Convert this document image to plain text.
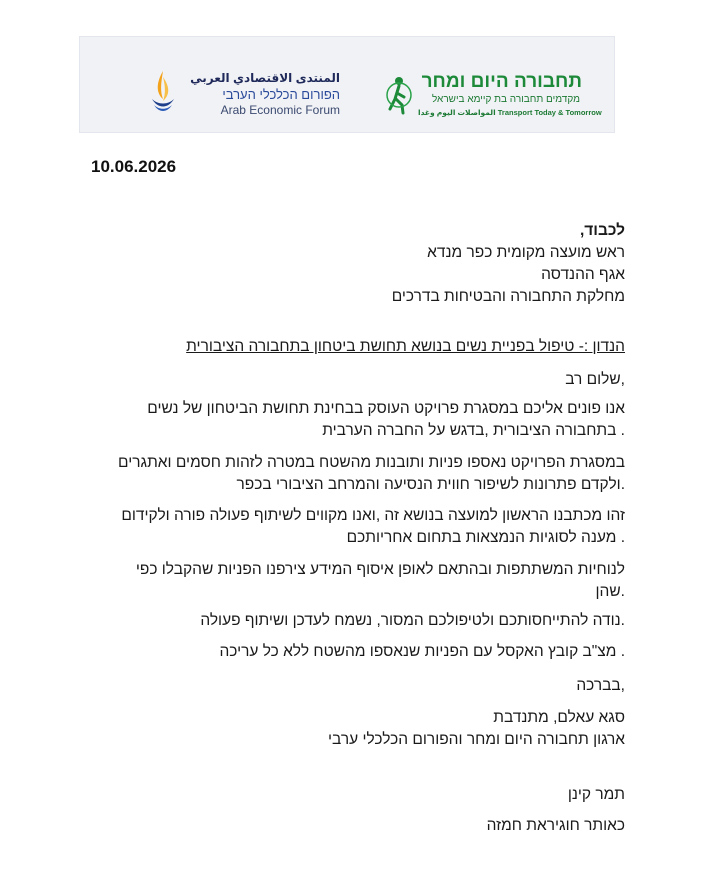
المنتدى الاقتصادي العربي
הפורום הכלכלי הערבי
Arab Economic Forum
תחבורה היום ומחר
מקדמים תחבורה בת קיימא בישראל
المواصلات اليوم وغدا Transport Today & Tomorrow
10.06.2026
לכבוד,
ראש מועצה מקומית כפר מנדא
אגף ההנדסה
מחלקת התחבורה והבטיחות בדרכים
הנדון :- טיפול בפניית נשים בנושא תחושת ביטחון בתחבורה הציבורית
,שלום רב
אנו פונים אליכם במסגרת פרויקט העוסק בבחינת תחושת הביטחון של נשים
. בתחבורה הציבורית ,בדגש על החברה הערבית
במסגרת הפרויקט נאספו פניות ותובנות מהשטח במטרה לזהות חסמים ואתגרים
.ולקדם פתרונות לשיפור חווית הנסיעה והמרחב הציבורי בכפר
זהו מכתבנו הראשון למועצה בנושא זה ,ואנו מקווים לשיתוף פעולה פורה ולקידום
. מענה לסוגיות הנמצאות בתחום אחריותכם
לנוחיות המשתתפות ובהתאם לאופן איסוף המידע צירפנו הפניות שהקבלו כפי
.שהן
.נודה להתייחסותכם ולטיפולכם המסור, נשמח לעדכן ושיתוף פעולה
. מצ"ב קובץ האקסל עם הפניות שנאספו מהשטח ללא כל עריכה
,בברכה
סגא עאלם, מתנדבת
ארגון תחבורה היום ומחר והפורום הכלכלי ערבי
תמר קינן
כאותר חוגיראת חמזה
